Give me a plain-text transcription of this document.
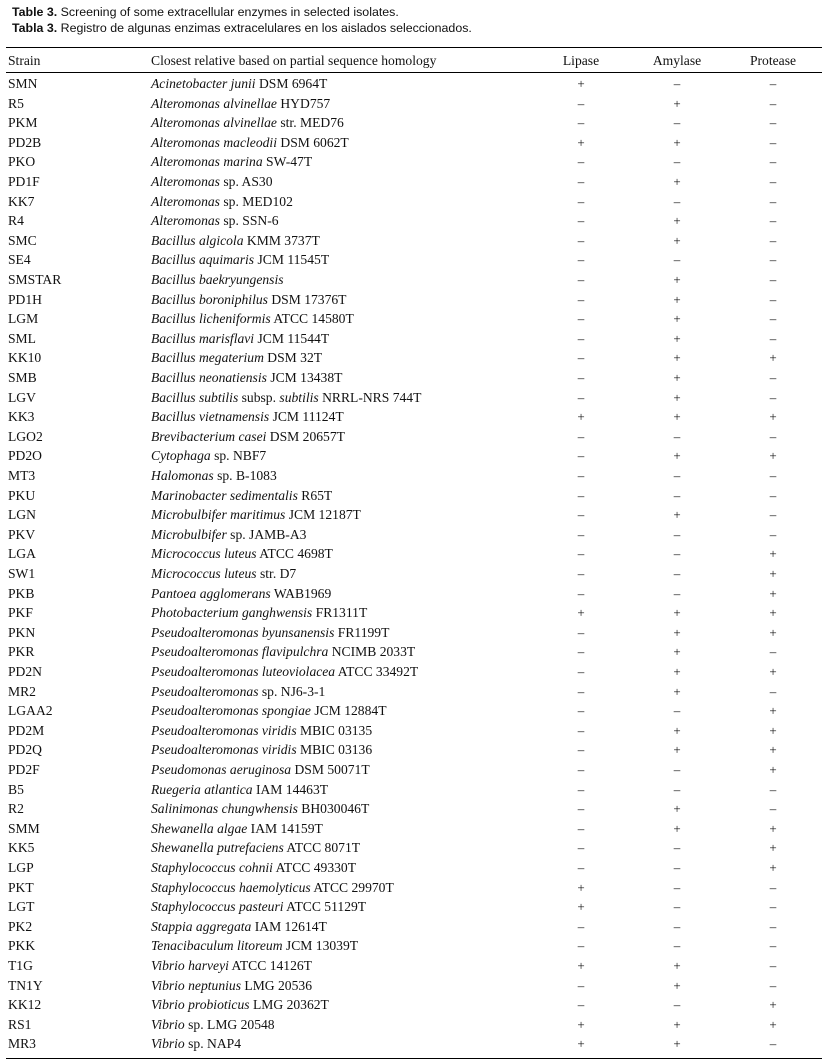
Table 3. Screening of some extracellular enzymes in selected isolates.
Tabla 3. Registro de algunas enzimas extracelulares en los aislados seleccionados.
Strain	Closest relative based on partial sequence homology	Lipase	Amylase	Protease
SMN	Acinetobacter junii DSM 6964T	+	–	–
R5	Alteromonas alvinellae HYD757	–	+	–
PKM	Alteromonas alvinellae str. MED76	–	–	–
PD2B	Alteromonas macleodii DSM 6062T	+	+	–
PKO	Alteromonas marina SW-47T	–	–	–
PD1F	Alteromonas sp. AS30	–	+	–
KK7	Alteromonas sp. MED102	–	–	–
R4	Alteromonas sp. SSN-6	–	+	–
SMC	Bacillus algicola KMM 3737T	–	+	–
SE4	Bacillus aquimaris JCM 11545T	–	–	–
SMSTAR	Bacillus baekryungensis	–	+	–
PD1H	Bacillus boroniphilus DSM 17376T	–	+	–
LGM	Bacillus licheniformis ATCC 14580T	–	+	–
SML	Bacillus marisflavi JCM 11544T	–	+	–
KK10	Bacillus megaterium DSM 32T	–	+	+
SMB	Bacillus neonatiensis JCM 13438T	–	+	–
LGV	Bacillus subtilis subsp. subtilis NRRL-NRS 744T	–	+	–
KK3	Bacillus vietnamensis JCM 11124T	+	+	+
LGO2	Brevibacterium casei DSM 20657T	–	–	–
PD2O	Cytophaga sp. NBF7	–	+	+
MT3	Halomonas sp. B-1083	–	–	–
PKU	Marinobacter sedimentalis R65T	–	–	–
LGN	Microbulbifer maritimus JCM 12187T	–	+	–
PKV	Microbulbifer sp. JAMB-A3	–	–	–
LGA	Micrococcus luteus ATCC 4698T	–	–	+
SW1	Micrococcus luteus str. D7	–	–	+
PKB	Pantoea agglomerans WAB1969	–	–	+
PKF	Photobacterium ganghwensis FR1311T	+	+	+
PKN	Pseudoalteromonas byunsanensis FR1199T	–	+	+
PKR	Pseudoalteromonas flavipulchra NCIMB 2033T	–	+	–
PD2N	Pseudoalteromonas luteoviolacea ATCC 33492T	–	+	+
MR2	Pseudoalteromonas sp. NJ6-3-1	–	+	–
LGAA2	Pseudoalteromonas spongiae JCM 12884T	–	–	+
PD2M	Pseudoalteromonas viridis MBIC 03135	–	+	+
PD2Q	Pseudoalteromonas viridis MBIC 03136	–	+	+
PD2F	Pseudomonas aeruginosa DSM 50071T	–	–	+
B5	Ruegeria atlantica IAM 14463T	–	–	–
R2	Salinimonas chungwhensis BH030046T	–	+	–
SMM	Shewanella algae IAM 14159T	–	+	+
KK5	Shewanella putrefaciens ATCC 8071T	–	–	+
LGP	Staphylococcus cohnii ATCC 49330T	–	–	+
PKT	Staphylococcus haemolyticus ATCC 29970T	+	–	–
LGT	Staphylococcus pasteuri ATCC 51129T	+	–	–
PK2	Stappia aggregata IAM 12614T	–	–	–
PKK	Tenacibaculum litoreum JCM 13039T	–	–	–
T1G	Vibrio harveyi ATCC 14126T	+	+	–
TN1Y	Vibrio neptunius LMG 20536	–	+	–
KK12	Vibrio probioticus LMG 20362T	–	–	+
RS1	Vibrio sp. LMG 20548	+	+	+
MR3	Vibrio sp. NAP4	+	+	–
